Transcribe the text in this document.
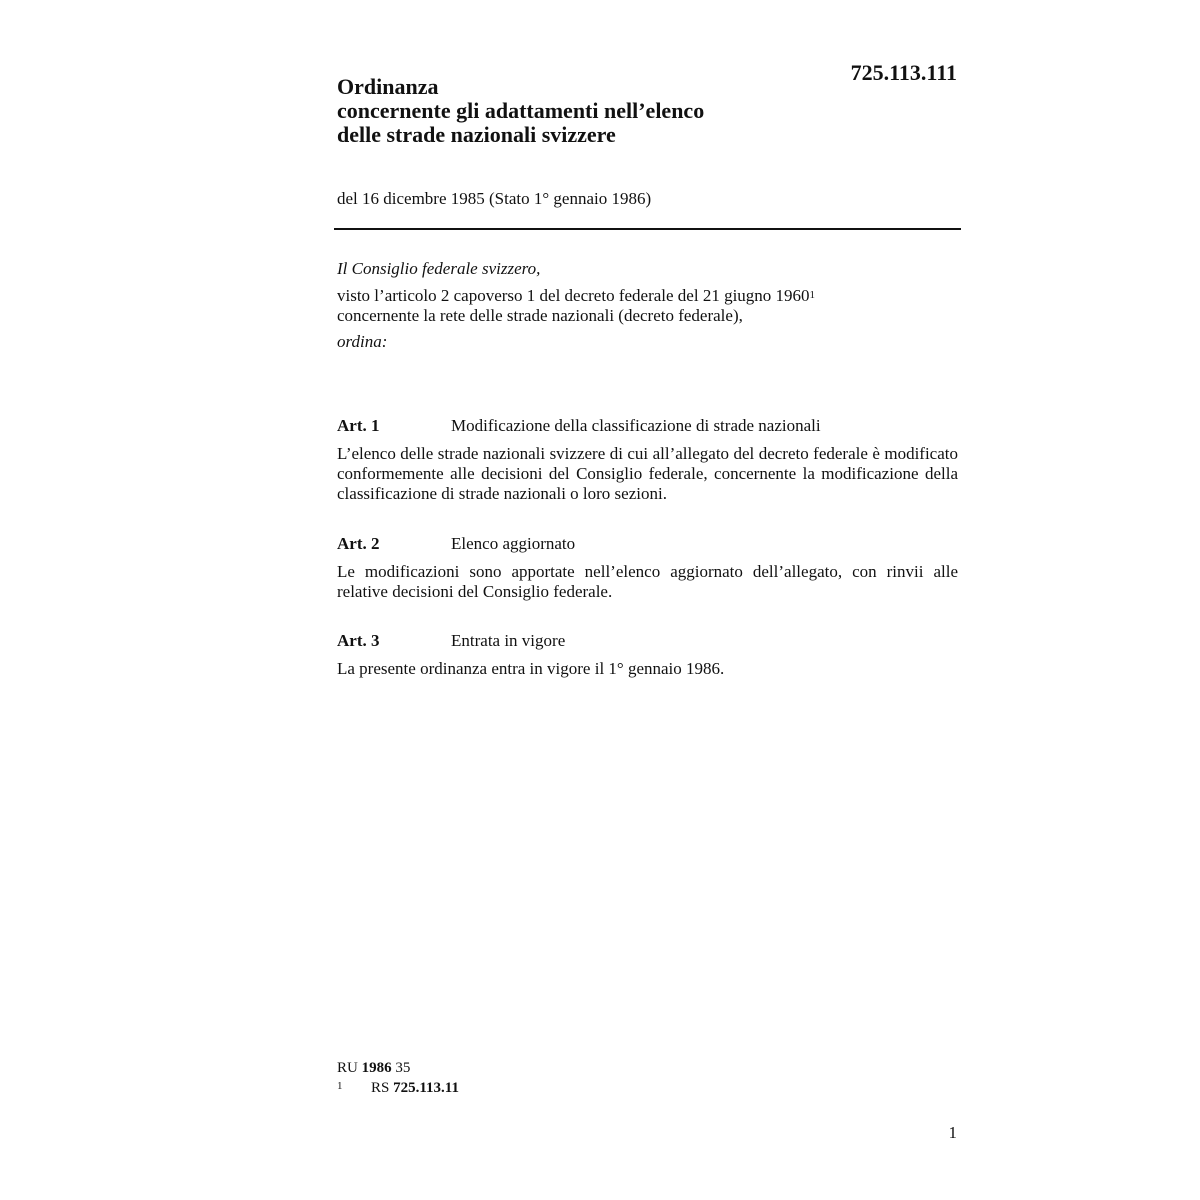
725.113.111
Ordinanza
concernente gli adattamenti nell’elenco
delle strade nazionali svizzere
del 16 dicembre 1985 (Stato 1° gennaio 1986)

Il Consiglio federale svizzero,

visto l’articolo 2 capoverso 1 del decreto federale del 21 giugno 1960$^1$
concernente la rete delle strade nazionali (decreto federale),

ordina:

Art. 1	Modificazione della classificazione di strade nazionali

L’elenco delle strade nazionali svizzere di cui all’allegato del decreto federale è modificato conformemente alle decisioni del Consiglio federale, concernente la modificazione della classificazione di strade nazionali o loro sezioni.

Art. 2	Elenco aggiornato

Le modificazioni sono apportate nell’elenco aggiornato dell’allegato, con rinvii alle relative decisioni del Consiglio federale.

Art. 3	Entrata in vigore

La presente ordinanza entra in vigore il 1° gennaio 1986.

RU 1986 35
1	RS 725.113.11
1
